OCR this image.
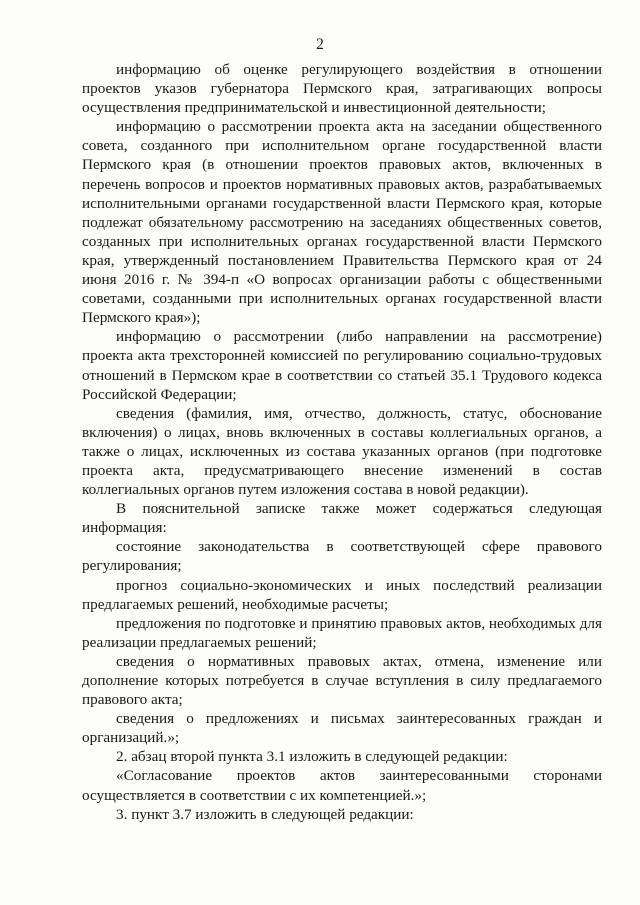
2

информацию об оценке регулирующего воздействия в отношении проектов указов губернатора Пермского края, затрагивающих вопросы осуществления предпринимательской и инвестиционной деятельности;

информацию о рассмотрении проекта акта на заседании общественного совета, созданного при исполнительном органе государственной власти Пермского края (в отношении проектов правовых актов, включенных в перечень вопросов и проектов нормативных правовых актов, разрабатываемых исполнительными органами государственной власти Пермского края, которые подлежат обязательному рассмотрению на заседаниях общественных советов, созданных при исполнительных органах государственной власти Пермского края, утвержденный постановлением Правительства Пермского края от 24 июня 2016 г. № 394-п «О вопросах организации работы с общественными советами, созданными при исполнительных органах государственной власти Пермского края»);

информацию о рассмотрении (либо направлении на рассмотрение) проекта акта трехсторонней комиссией по регулированию социально-трудовых отношений в Пермском крае в соответствии со статьей 35.1 Трудового кодекса Российской Федерации;

сведения (фамилия, имя, отчество, должность, статус, обоснование включения) о лицах, вновь включенных в составы коллегиальных органов, а также о лицах, исключенных из состава указанных органов (при подготовке проекта акта, предусматривающего внесение изменений в состав коллегиальных органов путем изложения состава в новой редакции).

В пояснительной записке также может содержаться следующая информация:

состояние законодательства в соответствующей сфере правового регулирования;

прогноз социально-экономических и иных последствий реализации предлагаемых решений, необходимые расчеты;

предложения по подготовке и принятию правовых актов, необходимых для реализации предлагаемых решений;

сведения о нормативных правовых актах, отмена, изменение или дополнение которых потребуется в случае вступления в силу предлагаемого правового акта;

сведения о предложениях и письмах заинтересованных граждан и организаций.»;

2. абзац второй пункта 3.1 изложить в следующей редакции:

«Согласование проектов актов заинтересованными сторонами осуществляется в соответствии с их компетенцией.»;

3. пункт 3.7 изложить в следующей редакции:
